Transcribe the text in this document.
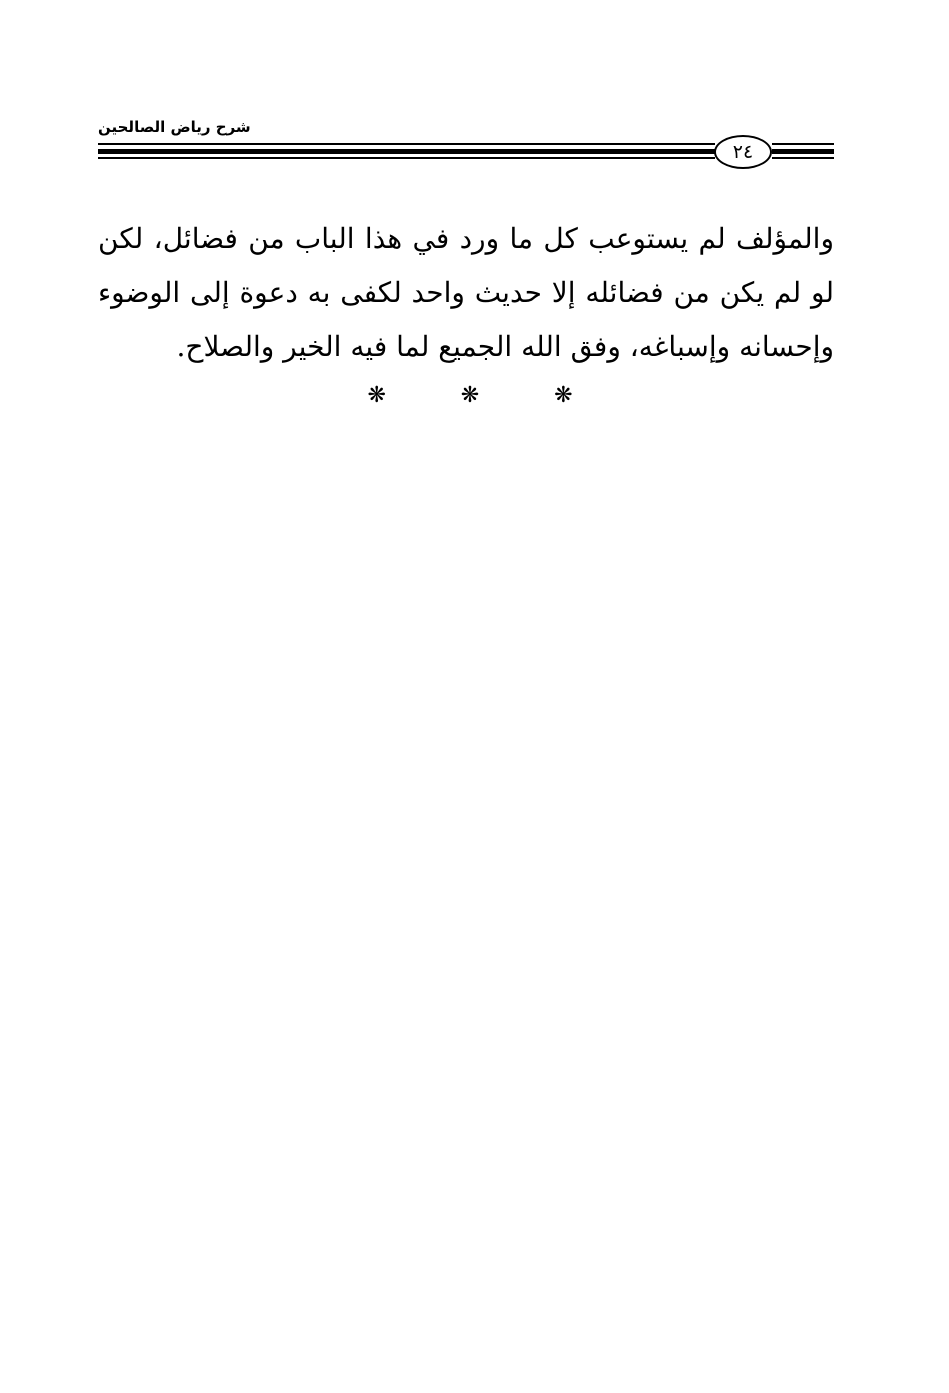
شرح رياض الصالحين
٢٤

والمؤلف لم يستوعب كل ما ورد في هذا الباب من فضائل، لكن لو لم يكن من فضائله إلا حديث واحد لكفى به دعوة إلى الوضوء وإحسانه وإسباغه، وفق الله الجميع لما فيه الخير والصلاح.

❋	❋	❋
